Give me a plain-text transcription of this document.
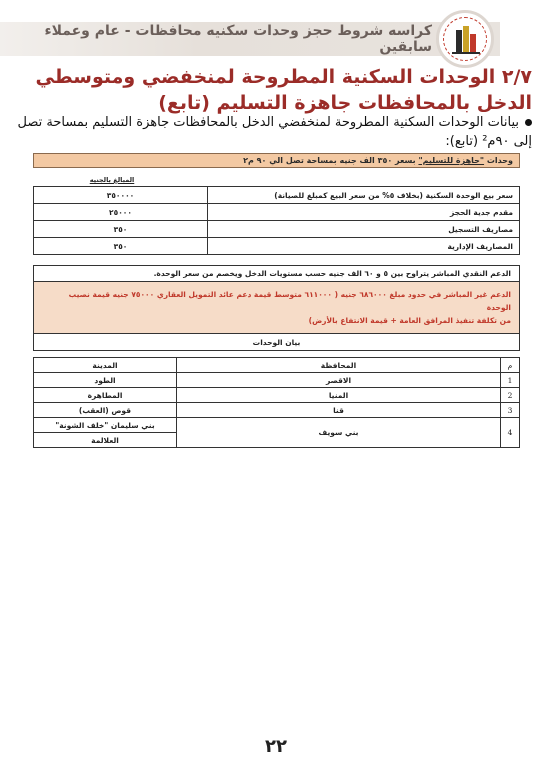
كراسه شروط حجز وحدات سكنيه محافظات - عام وعملاء سابقين
٢/٧ الوحدات السكنية المطروحة لمنخفضي ومتوسطي الدخل بالمحافظات جاهزة التسليم (تابع)
بيانات الوحدات السكنية المطروحة لمنخفضي الدخل بالمحافظات جاهزة التسليم بمساحة تصل إلى ٩٠م² (تابع):
وحدات "جاهزة للتسليم" بسعر ٣٥٠ الف جنيه بمساحة تصل الي ٩٠ م٢
المبالغ بالجنيه
سعر بيع الوحدة السكنية (بخلاف ٥% من سعر البيع كمبلغ للصيانة)	٣٥٠٠٠٠
مقدم جدية الحجز	٢٥٠٠٠
مصاريف التسجيل	٣٥٠
المصاريف الإدارية	٣٥٠
الدعم النقدي المباشر يتراوح بين ٥ و ٦٠ الف جنيه حسب مستويات الدخل ويخصم من سعر الوحدة.
الدعم غير المباشر في حدود مبلغ ٦٨٦٠٠٠ جنيه ( ٦١١٠٠٠ متوسط قيمة دعم عائد التمويل العقاري ٧٥٠٠٠ جنيه قيمة نصيب الوحدة
من تكلفة تنفيذ المرافق العامة + قيمة الانتفاع بالأرض)
بيان الوحدات
م	المحافظة	المدينة
1	الاقصر	الطود
2	المنيا	المطاهرة
3	قنا	قوص (العقب)
4	بني سويف	بني سليمان "خلف الشونة"
		العلالمة
٢٢
